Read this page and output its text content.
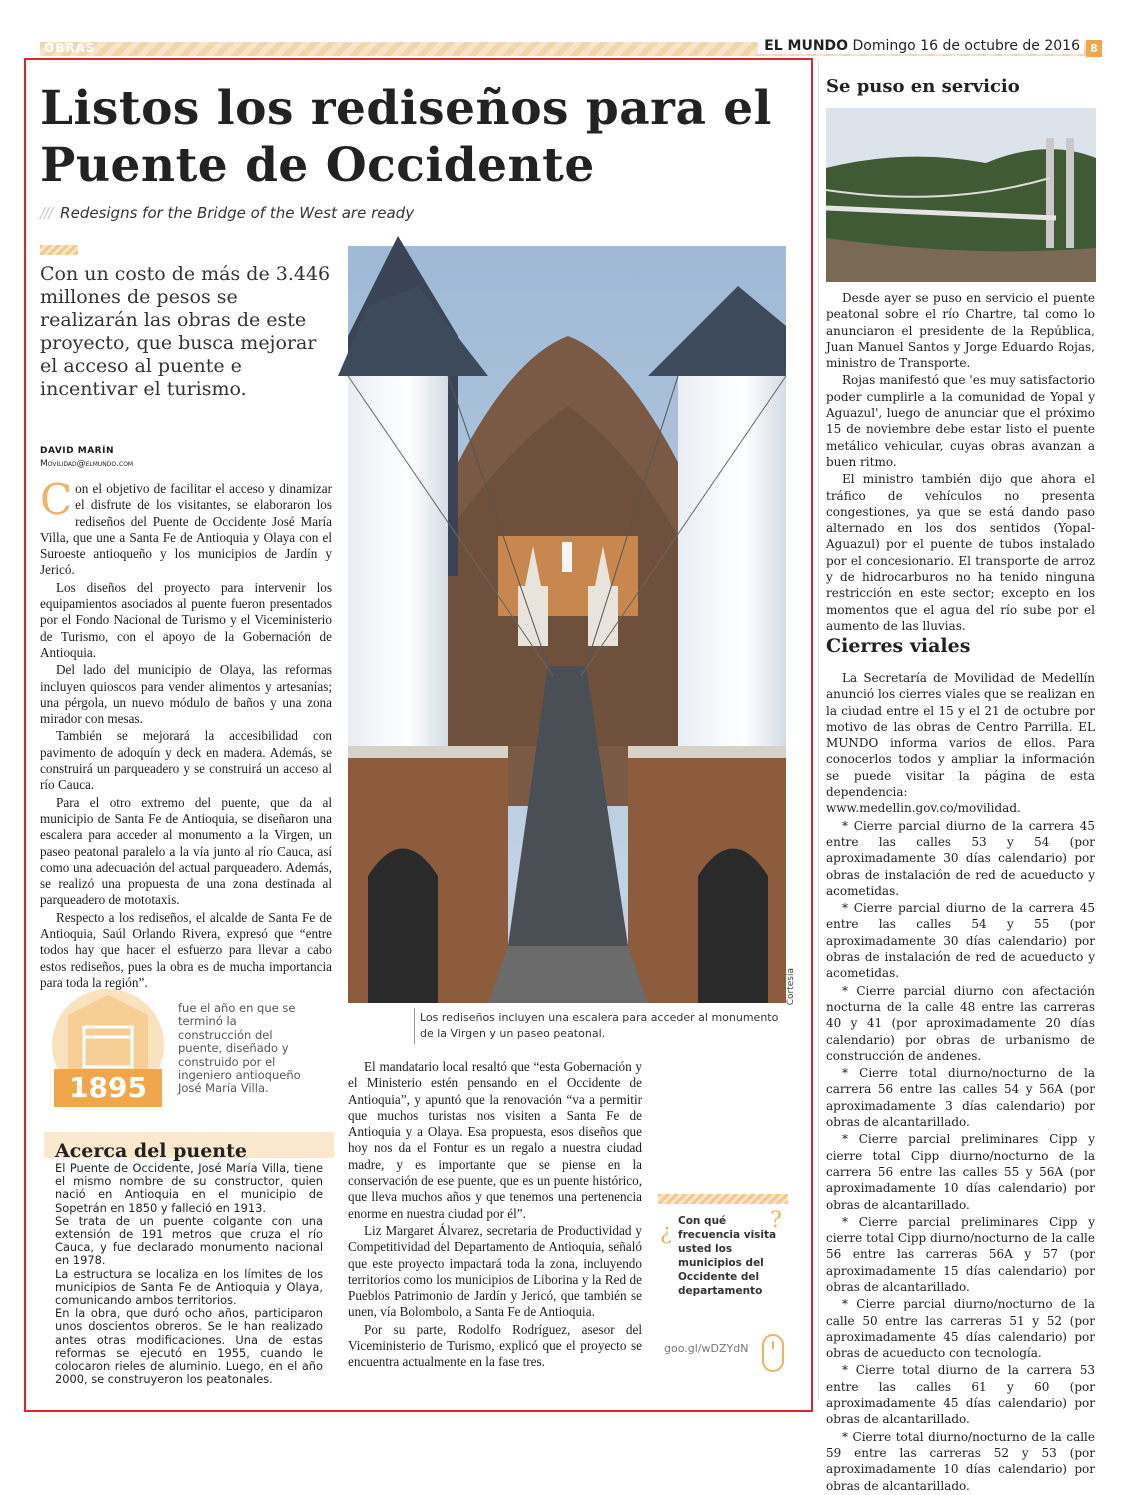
OBRAS	EL MUNDO Domingo 16 de octubre de 2016 8
Listos los rediseños para el Puente de Occidente
/// Redesigns for the Bridge of the West are ready
Con un costo de más de 3.446 millones de pesos se realizarán las obras de este proyecto, que busca mejorar el acceso al puente e incentivar el turismo.
DAVID MARÍN
Movilidad@elmundo.com

Con el objetivo de facilitar el acceso y dinamizar el disfrute de los visitantes, se elaboraron los rediseños del Puente de Occidente José María Villa, que une a Santa Fe de Antioquia y Olaya con el Suroeste antioqueño y los municipios de Jardín y Jericó.

Los diseños del proyecto para intervenir los equipamientos asociados al puente fueron presentados por el Fondo Nacional de Turismo y el Viceministerio de Turismo, con el apoyo de la Gobernación de Antioquia.

Del lado del municipio de Olaya, las reformas incluyen quioscos para vender alimentos y artesanías; una pérgola, un nuevo módulo de baños y una zona mirador con mesas.

También se mejorará la accesibilidad con pavimento de adoquín y deck en madera. Además, se construirá un parqueadero y se construirá un acceso al río Cauca.

Para el otro extremo del puente, que da al municipio de Santa Fe de Antioquia, se diseñaron una escalera para acceder al monumento a la Virgen, un paseo peatonal paralelo a la vía junto al río Cauca, así como una adecuación del actual parqueadero. Además, se realizó una propuesta de una zona destinada al parqueadero de mototaxis.

Respecto a los rediseños, el alcalde de Santa Fe de Antioquia, Saúl Orlando Rivera, expresó que “entre todos hay que hacer el esfuerzo para llevar a cabo estos rediseños, pues la obra es de mucha importancia para toda la región”.	Cortesía
Los rediseños incluyen una escalera para acceder al monumento de la Virgen y un paseo peatonal.
1895
fue el año en que se terminó la construcción del puente, diseñado y construido por el ingeniero antioqueño José María Villa.
Acerca del puente

El Puente de Occidente, José María Villa, tiene el mismo nombre de su constructor, quien nació en Antioquia en el municipio de Sopetrán en 1850 y falleció en 1913.

Se trata de un puente colgante con una extensión de 191 metros que cruza el río Cauca, y fue declarado monumento nacional en 1978.

La estructura se localiza en los límites de los municipios de Santa Fe de Antioquia y Olaya, comunicando ambos territorios.

En la obra, que duró ocho años, participaron unos doscientos obreros. Se le han realizado antes otras modificaciones. Una de estas reformas se ejecutó en 1955, cuando le colocaron rieles de aluminio. Luego, en el año 2000, se construyeron los peatonales.

El mandatario local resaltó que “esta Gobernación y el Ministerio estén pensando en el Occidente de Antioquia”, y apuntó que la renovación “va a permitir que muchos turistas nos visiten a Santa Fe de Antioquia y a Olaya. Esa propuesta, esos diseños que hoy nos da el Fontur es un regalo a nuestra ciudad madre, y es importante que se piense en la conservación de ese puente, que es un puente histórico, que lleva muchos años y que tenemos una pertenencia enorme en nuestra ciudad por él”.

Liz Margaret Álvarez, secretaria de Productividad y Competitividad del Departamento de Antioquia, señaló que este proyecto impactará toda la zona, incluyendo territorios como los municipios de Liborina y la Red de Pueblos Patrimonio de Jardín y Jericó, que también se unen, vía Bolombolo, a Santa Fe de Antioquia.

Por su parte, Rodolfo Rodríguez, asesor del Viceministerio de Turismo, explicó que el proyecto se encuentra actualmente en la fase tres.

¿	?
Con qué frecuencia visita usted los municipios del Occidente del departamento
goo.gl/wDZYdN
Se puso en servicio

Desde ayer se puso en servicio el puente peatonal sobre el río Chartre, tal como lo anunciaron el presidente de la República, Juan Manuel Santos y Jorge Eduardo Rojas, ministro de Transporte.

Rojas manifestó que 'es muy satisfactorio poder cumplirle a la comunidad de Yopal y Aguazul', luego de anunciar que el próximo 15 de noviembre debe estar listo el puente metálico vehicular, cuyas obras avanzan a buen ritmo.

El ministro también dijo que ahora el tráfico de vehículos no presenta congestiones, ya que se está dando paso alternado en los dos sentidos (Yopal-Aguazul) por el puente de tubos instalado por el concesionario. El transporte de arroz y de hidrocarburos no ha tenido ninguna restricción en este sector; excepto en los momentos que el agua del río sube por el aumento de las lluvias.

Cierres viales

La Secretaría de Movilidad de Medellín anunció los cierres viales que se realizan en la ciudad entre el 15 y el 21 de octubre por motivo de las obras de Centro Parrilla. EL MUNDO informa varios de ellos. Para conocerlos todos y ampliar la información se puede visitar la página de esta dependencia: www.medellin.gov.co/movilidad.

* Cierre parcial diurno de la carrera 45 entre las calles 53 y 54 (por aproximadamente 30 días calendario) por obras de instalación de red de acueducto y acometidas.

* Cierre parcial diurno de la carrera 45 entre las calles 54 y 55 (por aproximadamente 30 días calendario) por obras de instalación de red de acueducto y acometidas.

* Cierre parcial diurno con afectación nocturna de la calle 48 entre las carreras 40 y 41 (por aproximadamente 20 días calendario) por obras de urbanismo de construcción de andenes.

* Cierre total diurno/nocturno de la carrera 56 entre las calles 54 y 56A (por aproximadamente 3 días calendario) por obras de alcantarillado.

* Cierre parcial preliminares Cipp y cierre total Cipp diurno/nocturno de la carrera 56 entre las calles 55 y 56A (por aproximadamente 10 días calendario) por obras de alcantarillado.

* Cierre parcial preliminares Cipp y cierre total Cipp diurno/nocturno de la calle 56 entre las carreras 56A y 57 (por aproximadamente 15 días calendario) por obras de alcantarillado.

* Cierre parcial diurno/nocturno de la calle 50 entre las carreras 51 y 52 (por aproximadamente 45 días calendario) por obras de acueducto con tecnología.

* Cierre total diurno de la carrera 53 entre las calles 61 y 60 (por aproximadamente 45 días calendario) por obras de alcantarillado.

* Cierre total diurno/nocturno de la calle 59 entre las carreras 52 y 53 (por aproximadamente 10 días calendario) por obras de alcantarillado.
